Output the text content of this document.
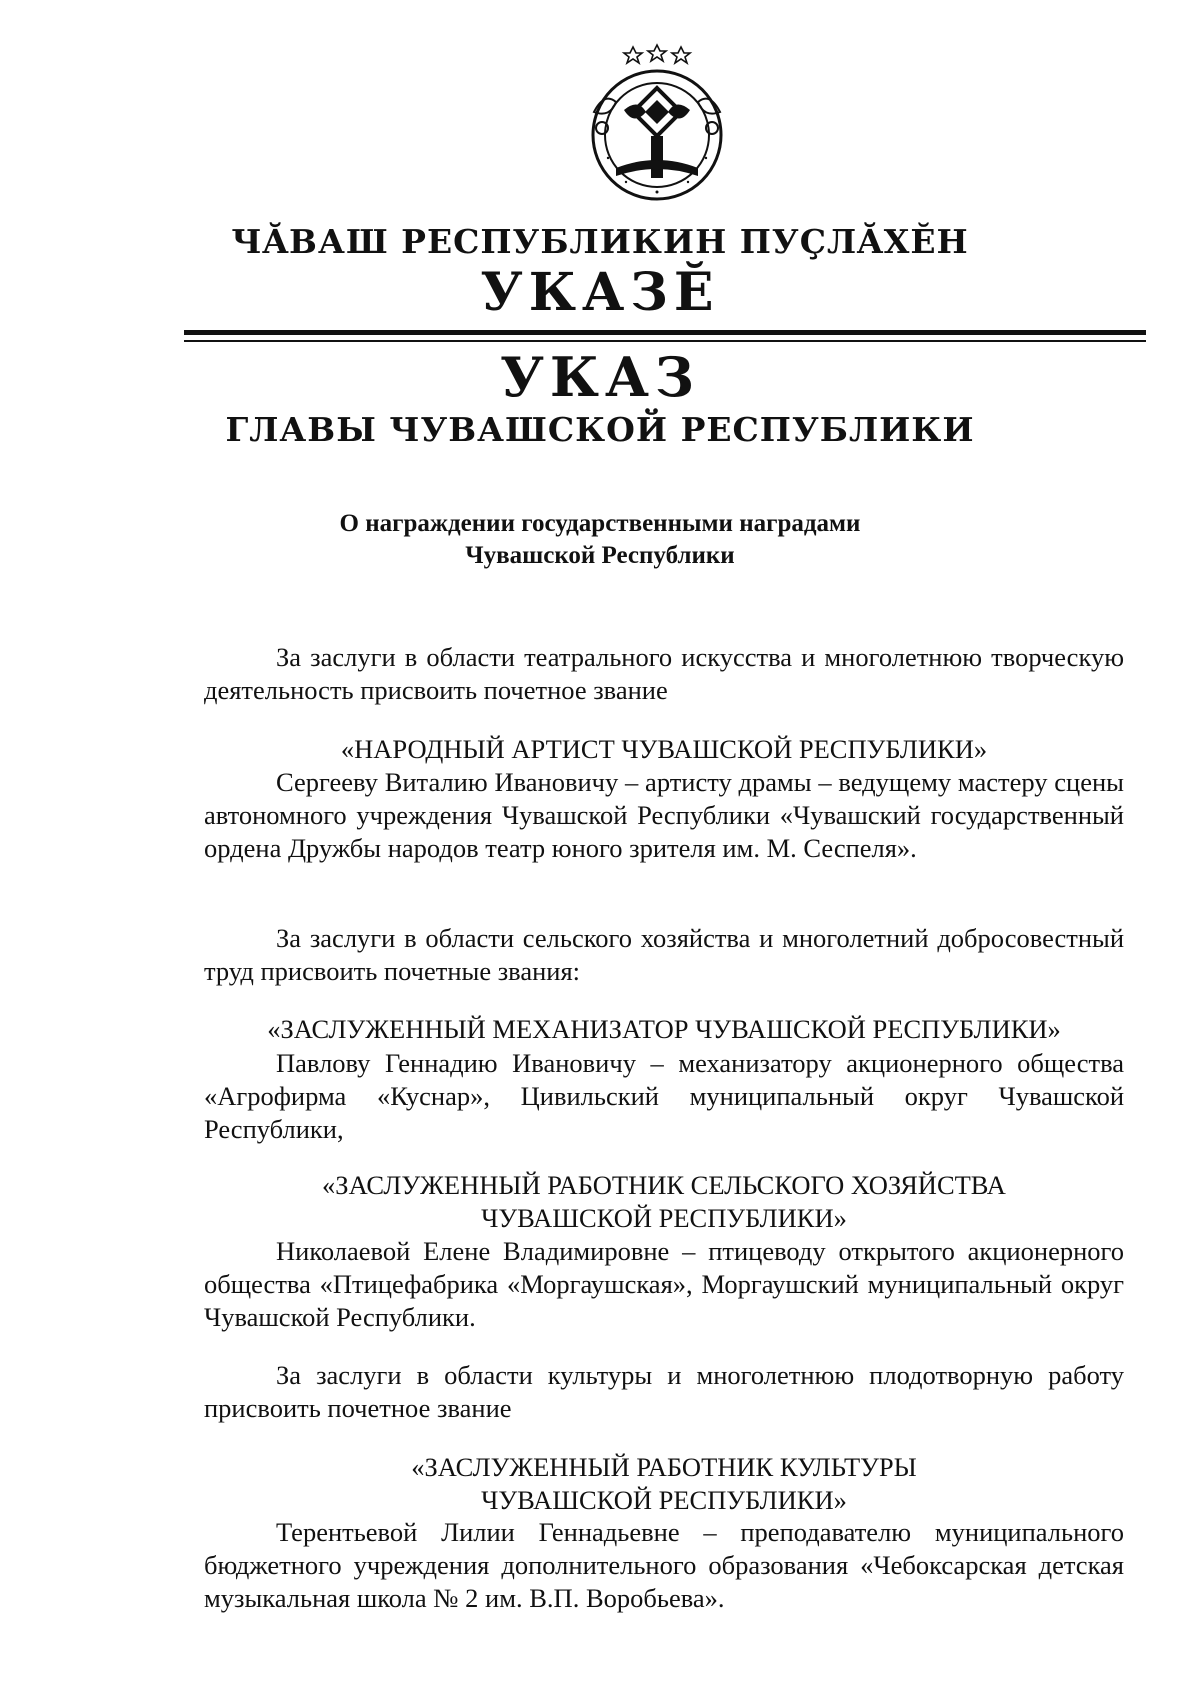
ЧĂВАШ РЕСПУБЛИКИН ПУÇЛĂХĔН
УКАЗĔ
УКАЗ
ГЛАВЫ ЧУВАШСКОЙ РЕСПУБЛИКИ
О награждении государственными наградами
Чувашской Республики

За заслуги в области театрального искусства и многолетнюю творческую деятельность присвоить почетное звание

«НАРОДНЫЙ АРТИСТ ЧУВАШСКОЙ РЕСПУБЛИКИ»

Сергееву Виталию Ивановичу – артисту драмы – ведущему мастеру сцены автономного учреждения Чувашской Республики «Чувашский государственный ордена Дружбы народов театр юного зрителя им. М. Сеспеля».

За заслуги в области сельского хозяйства и многолетний добросовестный труд присвоить почетные звания:

«ЗАСЛУЖЕННЫЙ МЕХАНИЗАТОР ЧУВАШСКОЙ РЕСПУБЛИКИ»

Павлову Геннадию Ивановичу – механизатору акционерного общества «Агрофирма «Куснар», Цивильский муниципальный округ Чувашской Республики,

«ЗАСЛУЖЕННЫЙ РАБОТНИК СЕЛЬСКОГО ХОЗЯЙСТВА
ЧУВАШСКОЙ РЕСПУБЛИКИ»

Николаевой Елене Владимировне – птицеводу открытого акционерного общества «Птицефабрика «Моргаушская», Моргаушский муниципальный округ Чувашской Республики.

За заслуги в области культуры и многолетнюю плодотворную работу присвоить почетное звание

«ЗАСЛУЖЕННЫЙ РАБОТНИК КУЛЬТУРЫ
ЧУВАШСКОЙ РЕСПУБЛИКИ»

Терентьевой Лилии Геннадьевне – преподавателю муниципального бюджетного учреждения дополнительного образования «Чебоксарская детская музыкальная школа № 2 им. В.П. Воробьева».
